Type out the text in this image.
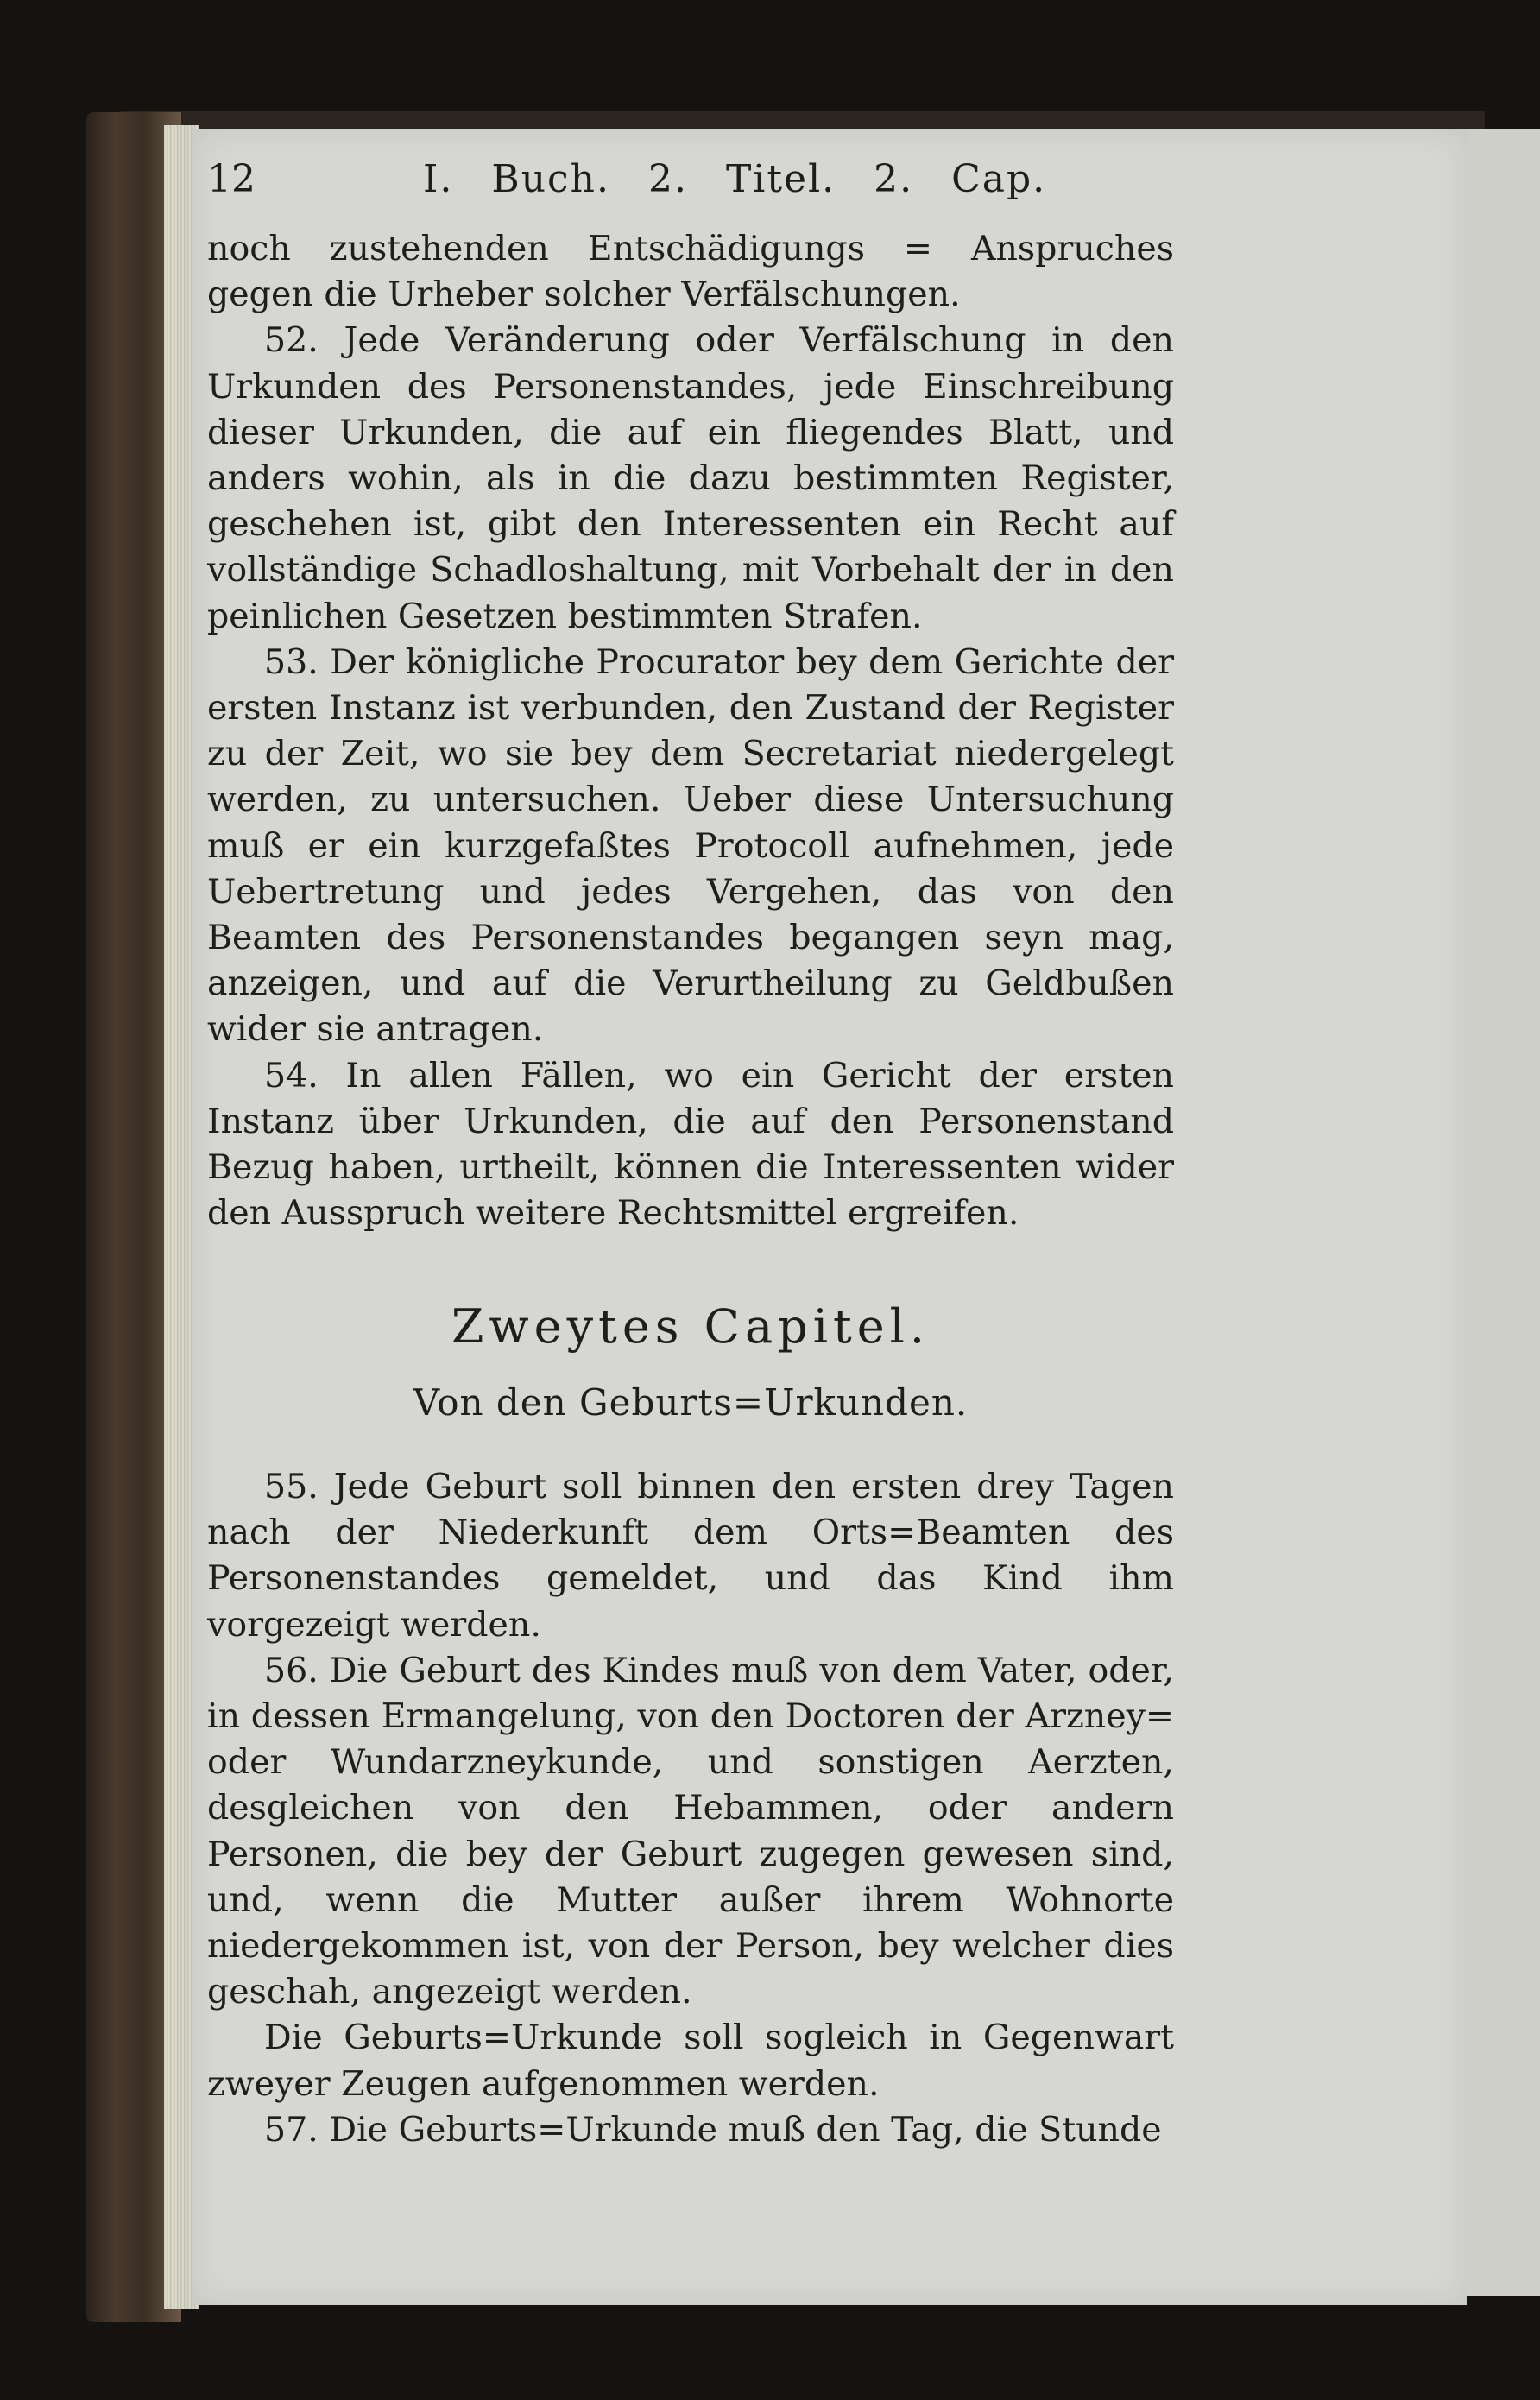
12	I. Buch. 2. Titel. 2. Cap.

noch zustehenden Entschädigungs = Anspruches gegen die Urheber solcher Verfälschungen.

52. Jede Veränderung oder Verfälschung in den Urkunden des Personenstandes, jede Einschreibung dieser Urkunden, die auf ein fliegendes Blatt, und anders wohin, als in die dazu bestimmten Register, geschehen ist, gibt den Interessenten ein Recht auf vollständige Schadloshaltung, mit Vorbehalt der in den peinlichen Gesetzen bestimmten Strafen.

53. Der königliche Procurator bey dem Gerichte der ersten Instanz ist verbunden, den Zustand der Register zu der Zeit, wo sie bey dem Secretariat niedergelegt werden, zu untersuchen. Ueber diese Untersuchung muß er ein kurzgefaßtes Protocoll aufnehmen, jede Uebertretung und jedes Vergehen, das von den Beamten des Personenstandes begangen seyn mag, anzeigen, und auf die Verurtheilung zu Geldbußen wider sie antragen.

54. In allen Fällen, wo ein Gericht der ersten Instanz über Urkunden, die auf den Personenstand Bezug haben, urtheilt, können die Interessenten wider den Ausspruch weitere Rechtsmittel ergreifen.

Zweytes Capitel.
Von den Geburts=Urkunden.

55. Jede Geburt soll binnen den ersten drey Tagen nach der Niederkunft dem Orts=Beamten des Personenstandes gemeldet, und das Kind ihm vorgezeigt werden.

56. Die Geburt des Kindes muß von dem Vater, oder, in dessen Ermangelung, von den Doctoren der Arzney= oder Wundarzneykunde, und sonstigen Aerzten, desgleichen von den Hebammen, oder andern Personen, die bey der Geburt zugegen gewesen sind, und, wenn die Mutter außer ihrem Wohnorte niedergekommen ist, von der Person, bey welcher dies geschah, angezeigt werden.

Die Geburts=Urkunde soll sogleich in Gegenwart zweyer Zeugen aufgenommen werden.

57. Die Geburts=Urkunde muß den Tag, die Stunde
